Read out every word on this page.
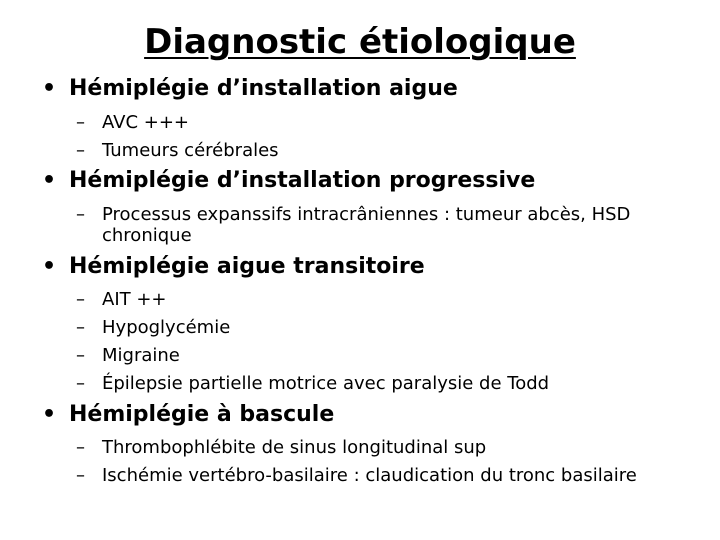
Diagnostic étiologique
• Hémiplégie d’installation aigue
– AVC +++
– Tumeurs cérébrales
• Hémiplégie d’installation progressive
– Processus expanssifs intracrâniennes : tumeur abcès, HSD chronique
• Hémiplégie aigue transitoire
– AIT ++
– Hypoglycémie
– Migraine
– Épilepsie partielle motrice avec paralysie de Todd
• Hémiplégie à bascule
– Thrombophlébite de sinus longitudinal sup
– Ischémie vertébro-basilaire : claudication du tronc basilaire
